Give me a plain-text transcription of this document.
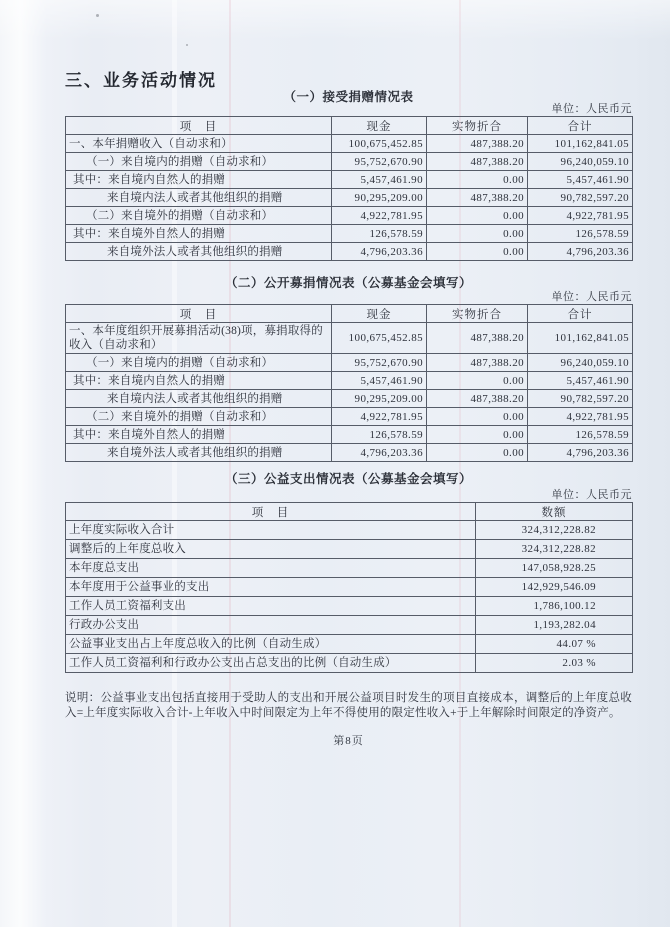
三、业务活动情况
（一）接受捐赠情况表
单位：人民币元
项　目	现金	实物折合	合计
一、本年捐赠收入（自动求和）	100,675,452.85	487,388.20	101,162,841.05
（一）来自境内的捐赠（自动求和）	95,752,670.90	487,388.20	96,240,059.10
其中：来自境内自然人的捐赠	5,457,461.90	0.00	5,457,461.90
来自境内法人或者其他组织的捐赠	90,295,209.00	487,388.20	90,782,597.20
（二）来自境外的捐赠（自动求和）	4,922,781.95	0.00	4,922,781.95
其中：来自境外自然人的捐赠	126,578.59	0.00	126,578.59
来自境外法人或者其他组织的捐赠	4,796,203.36	0.00	4,796,203.36
（二）公开募捐情况表（公募基金会填写）
单位：人民币元
项　目	现金	实物折合	合计
一、本年度组织开展募捐活动(38)项，募捐取得的收入（自动求和）	100,675,452.85	487,388.20	101,162,841.05
（一）来自境内的捐赠（自动求和）	95,752,670.90	487,388.20	96,240,059.10
其中：来自境内自然人的捐赠	5,457,461.90	0.00	5,457,461.90
来自境内法人或者其他组织的捐赠	90,295,209.00	487,388.20	90,782,597.20
（二）来自境外的捐赠（自动求和）	4,922,781.95	0.00	4,922,781.95
其中：来自境外自然人的捐赠	126,578.59	0.00	126,578.59
来自境外法人或者其他组织的捐赠	4,796,203.36	0.00	4,796,203.36
（三）公益支出情况表（公募基金会填写）
单位：人民币元
项　目	数额
上年度实际收入合计	324,312,228.82
调整后的上年度总收入	324,312,228.82
本年度总支出	147,058,928.25
本年度用于公益事业的支出	142,929,546.09
工作人员工资福利支出	1,786,100.12
行政办公支出	1,193,282.04
公益事业支出占上年度总收入的比例（自动生成）	44.07 %
工作人员工资福利和行政办公支出占总支出的比例（自动生成）	2.03 %

说明：公益事业支出包括直接用于受助人的支出和开展公益项目时发生的项目直接成本，调整后的上年度总收入=上年度实际收入合计-上年收入中时间限定为上年不得使用的限定性收入+于上年解除时间限定的净资产。

第8页
